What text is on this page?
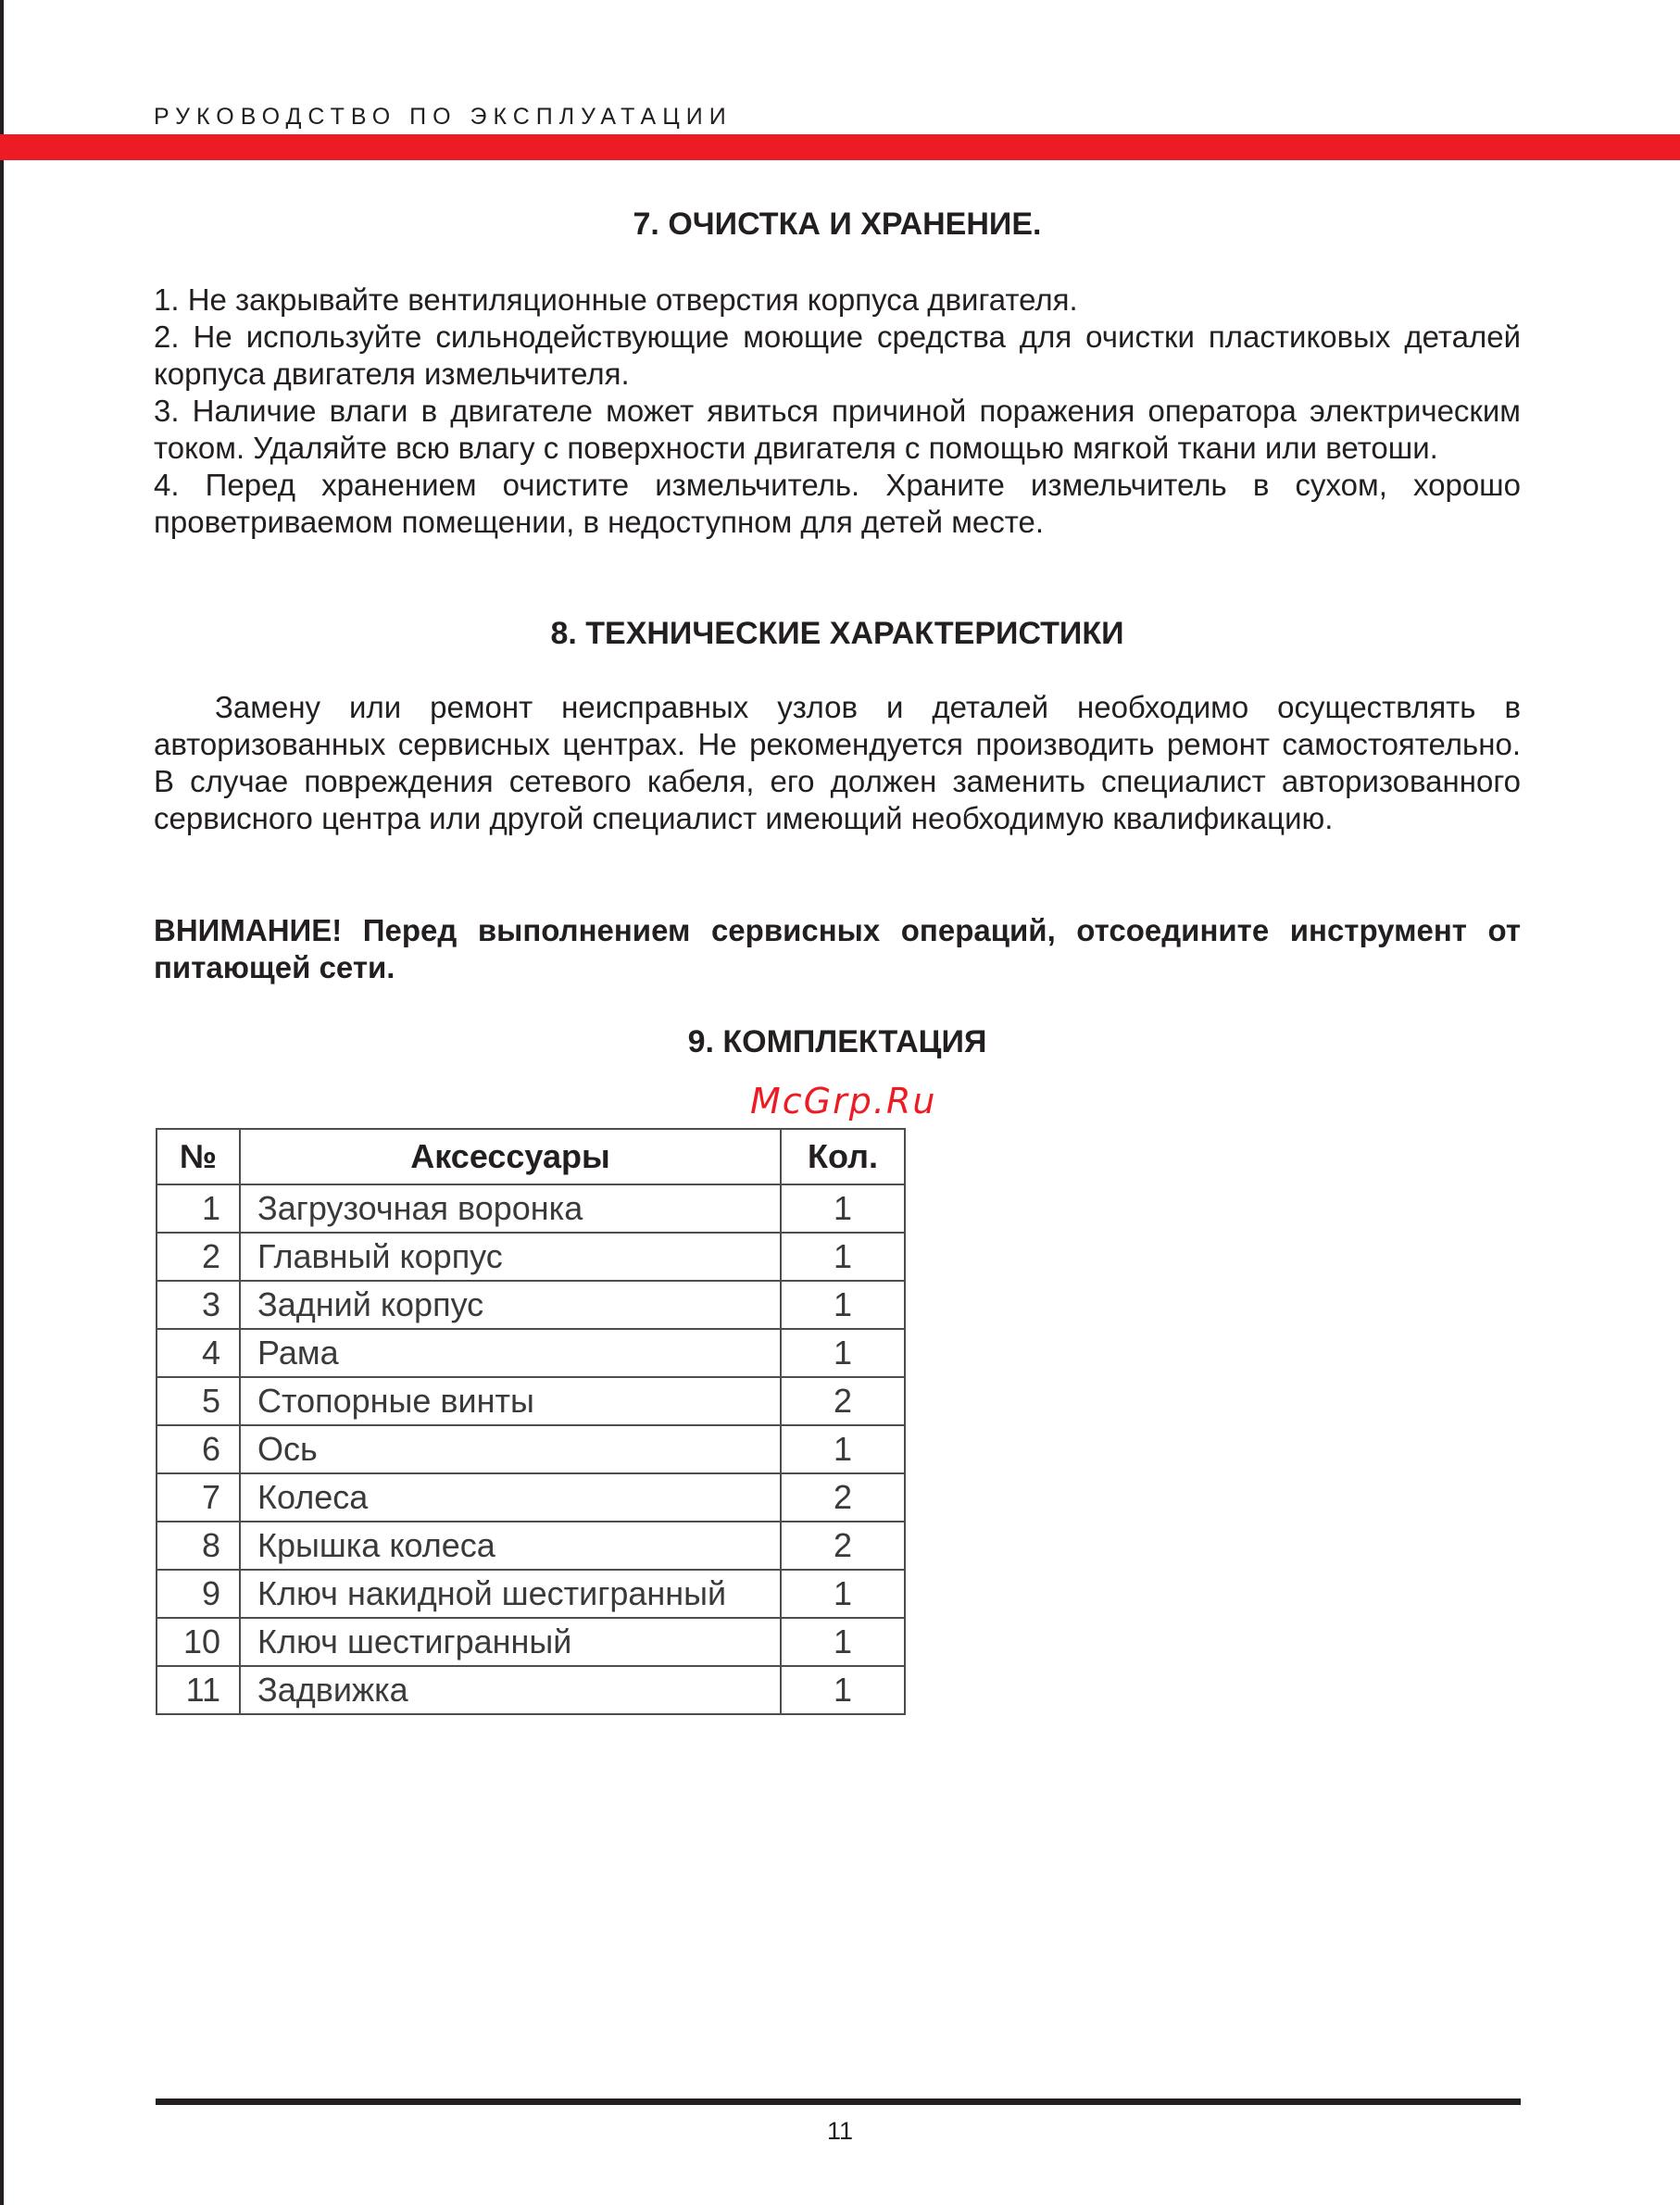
РУКОВОДСТВО ПО ЭКСПЛУАТАЦИИ
7. ОЧИСТКА И ХРАНЕНИЕ.

1. Не закрывайте вентиляционные отверстия корпуса двигателя.

2. Не используйте сильнодействующие моющие средства для очистки пластиковых деталей корпуса двигателя измельчителя.

3. Наличие влаги в двигателе может явиться причиной поражения оператора электрическим током. Удаляйте всю влагу с поверхности двигателя с помощью мягкой ткани или ветоши.

4. Перед хранением очистите измельчитель. Храните измельчитель в сухом, хорошо проветриваемом помещении, в недоступном для детей месте.

8. ТЕХНИЧЕСКИЕ ХАРАКТЕРИСТИКИ

Замену или ремонт неисправных узлов и деталей необходимо осуществлять в авторизованных сервисных центрах. Не рекомендуется производить ремонт самостоятельно. В случае повреждения сетевого кабеля, его должен заменить специалист авторизованного сервисного центра или другой специалист имеющий необходимую квалификацию.

ВНИМАНИЕ! Перед выполнением сервисных операций, отсоедините инструмент от питающей сети.

9. КОМПЛЕКТАЦИЯ
McGrp.Ru
№	Аксессуары	Кол.
1	Загрузочная воронка	1
2	Главный корпус	1
3	Задний корпус	1
4	Рама	1
5	Стопорные винты	2
6	Ось	1
7	Колеса	2
8	Крышка колеса	2
9	Ключ накидной шестигранный	1
10	Ключ шестигранный	1
11	Задвижка	1
11
